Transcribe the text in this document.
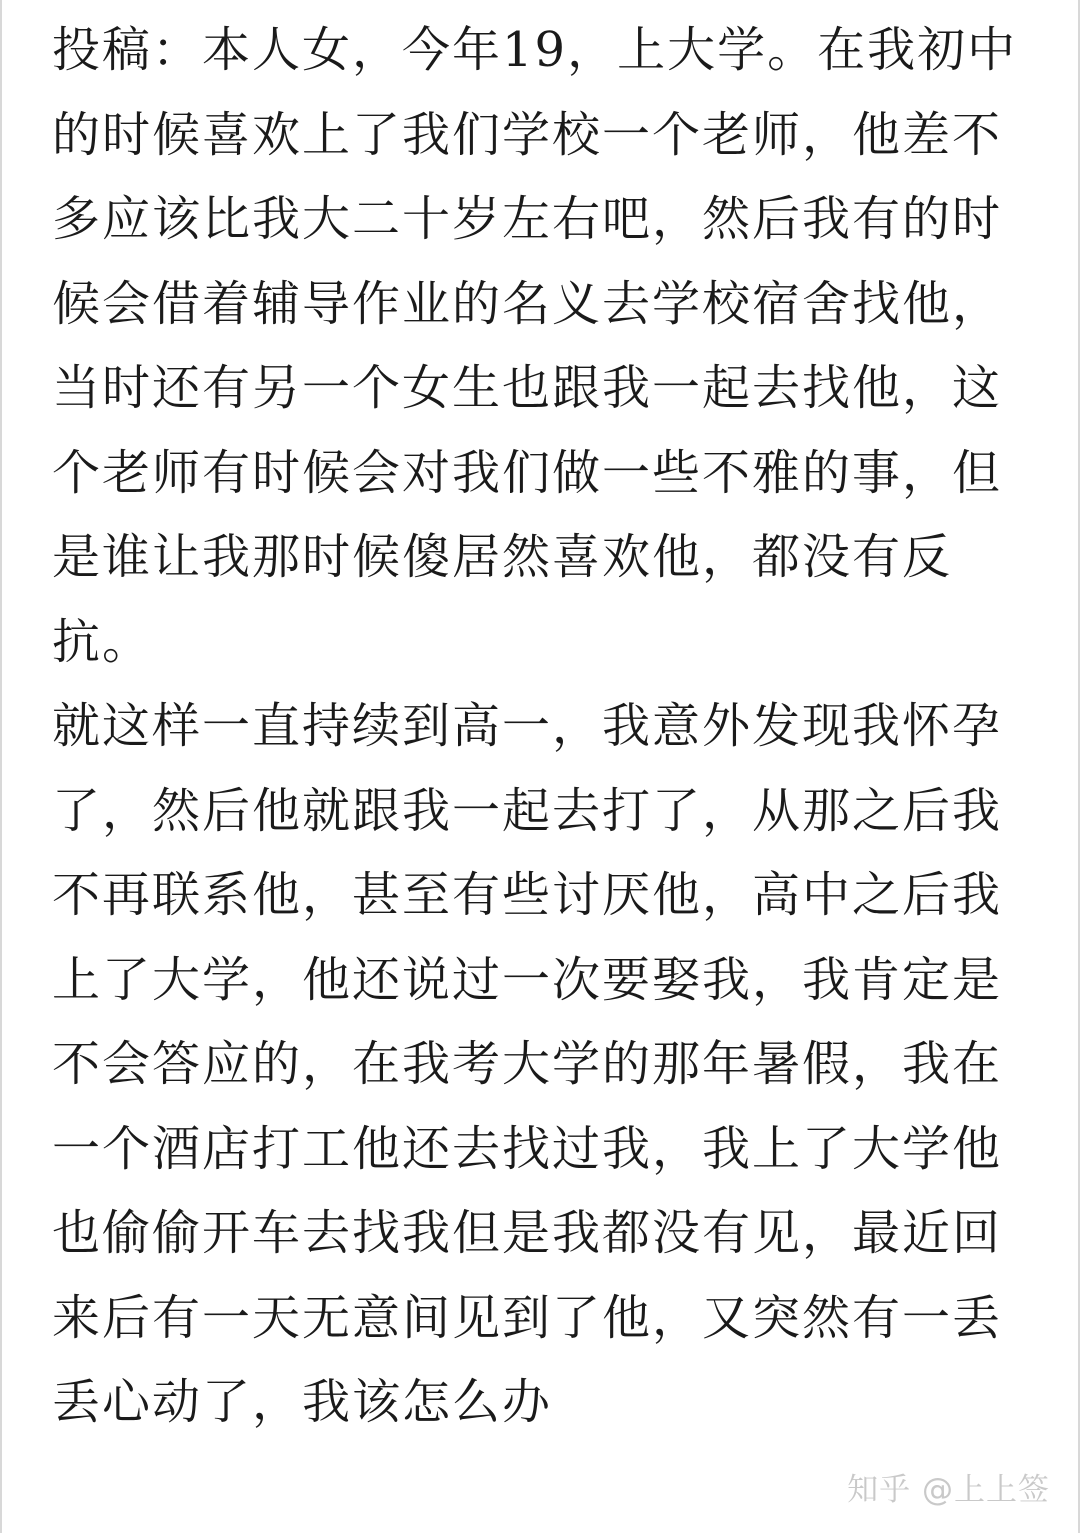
投稿：本人女，今年19，上大学。在我初中
的时候喜欢上了我们学校一个老师，他差不
多应该比我大二十岁左右吧，然后我有的时
候会借着辅导作业的名义去学校宿舍找他，
当时还有另一个女生也跟我一起去找他，这
个老师有时候会对我们做一些不雅的事，但
是谁让我那时候傻居然喜欢他，都没有反
抗。
就这样一直持续到高一，我意外发现我怀孕
了，然后他就跟我一起去打了，从那之后我
不再联系他，甚至有些讨厌他，高中之后我
上了大学，他还说过一次要娶我，我肯定是
不会答应的，在我考大学的那年暑假，我在
一个酒店打工他还去找过我，我上了大学他
也偷偷开车去找我但是我都没有见，最近回
来后有一天无意间见到了他，又突然有一丢
丢心动了，我该怎么办
知乎 @上上签
